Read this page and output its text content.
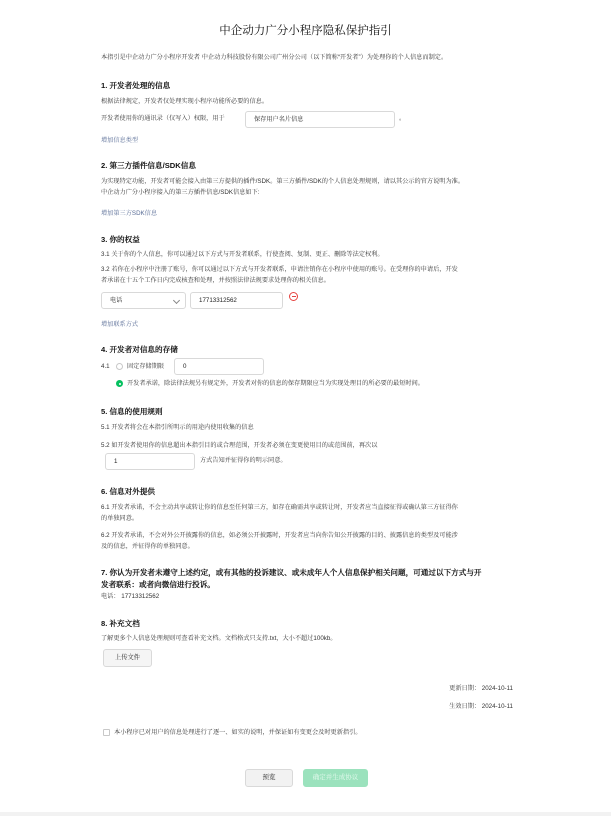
中企动力广分小程序隐私保护指引
本指引是中企动力广分小程序开发者 中企动力科技股份有限公司广州分公司（以下简称“开发者”）为处理你的个人信息而制定。
1. 开发者处理的信息
根据法律规定，开发者仅处理实现小程序功能所必要的信息。
开发者使用你的通讯录（仅写入）权限，用于	保存用户名片信息	。
增加信息类型
2. 第三方插件信息/SDK信息
为实现特定功能，开发者可能会接入由第三方提供的插件/SDK。第三方插件/SDK的个人信息处理规则，请以其公示的官方说明为准。
中企动力广分小程序接入的第三方插件信息/SDK信息如下:
增加第三方SDK信息
3. 你的权益
3.1 关于你的个人信息，你可以通过以下方式与开发者联系，行使查阅、复制、更正、删除等法定权利。
3.2 若你在小程序中注册了账号，你可以通过以下方式与开发者联系，申请注销你在小程序中使用的账号。在受理你的申请后，开发
者承诺在十五个工作日内完成核查和处理，并按照法律法规要求处理你的相关信息。
电话	17713312562
增加联系方式
4. 开发者对信息的存储
4.1	固定存储期限	0
开发者承诺，除法律法规另有规定外，开发者对你的信息的保存期限应当为实现处理目的所必要的最短时间。
5. 信息的使用规则
5.1 开发者将会在本指引所明示的用途内使用收集的信息
5.2 如开发者使用你的信息超出本指引目的或合理范围，开发者必须在变更使用目的或范围前，再次以
1	方式告知并征得你的明示同意。
6. 信息对外提供
6.1 开发者承诺，不会主动共享或转让你的信息至任何第三方，如存在确需共享或转让时，开发者应当直接征得或确认第三方征得你
的单独同意。
6.2 开发者承诺，不会对外公开披露你的信息，如必须公开披露时，开发者应当向你告知公开披露的目的、披露信息的类型及可能涉
及的信息，并征得你的单独同意。
7. 你认为开发者未遵守上述约定，或有其他的投诉建议、或未成年人个人信息保护相关问题，可通过以下方式与开
发者联系：或者向微信进行投诉。
电话： 17713312562
8. 补充文档
了解更多个人信息处理规则可查看补充文档。文档格式只支持.txt，大小不超过100kb。
上传文件
更新日期： 2024-10-11
生效日期： 2024-10-11
本小程序已对用户的信息处理进行了逐一、如实的说明，并保证如有变更会及时更新指引。
预览	确定并生成协议
